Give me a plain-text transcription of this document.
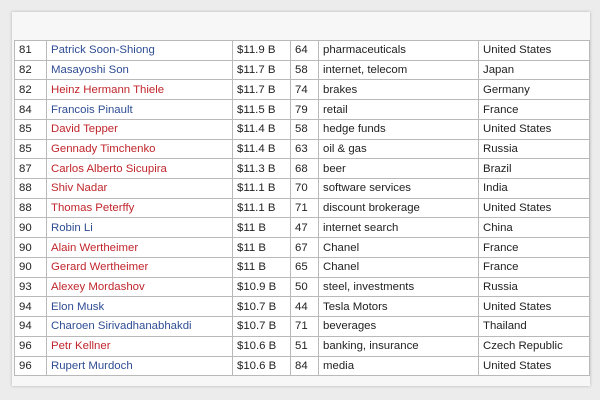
81	Patrick Soon-Shiong	$11.9 B	64	pharmaceuticals	United States
82	Masayoshi Son	$11.7 B	58	internet, telecom	Japan
82	Heinz Hermann Thiele	$11.7 B	74	brakes	Germany
84	Francois Pinault	$11.5 B	79	retail	France
85	David Tepper	$11.4 B	58	hedge funds	United States
85	Gennady Timchenko	$11.4 B	63	oil & gas	Russia
87	Carlos Alberto Sicupira	$11.3 B	68	beer	Brazil
88	Shiv Nadar	$11.1 B	70	software services	India
88	Thomas Peterffy	$11.1 B	71	discount brokerage	United States
90	Robin Li	$11 B	47	internet search	China
90	Alain Wertheimer	$11 B	67	Chanel	France
90	Gerard Wertheimer	$11 B	65	Chanel	France
93	Alexey Mordashov	$10.9 B	50	steel, investments	Russia
94	Elon Musk	$10.7 B	44	Tesla Motors	United States
94	Charoen Sirivadhanabhakdi	$10.7 B	71	beverages	Thailand
96	Petr Kellner	$10.6 B	51	banking, insurance	Czech Republic
96	Rupert Murdoch	$10.6 B	84	media	United States
